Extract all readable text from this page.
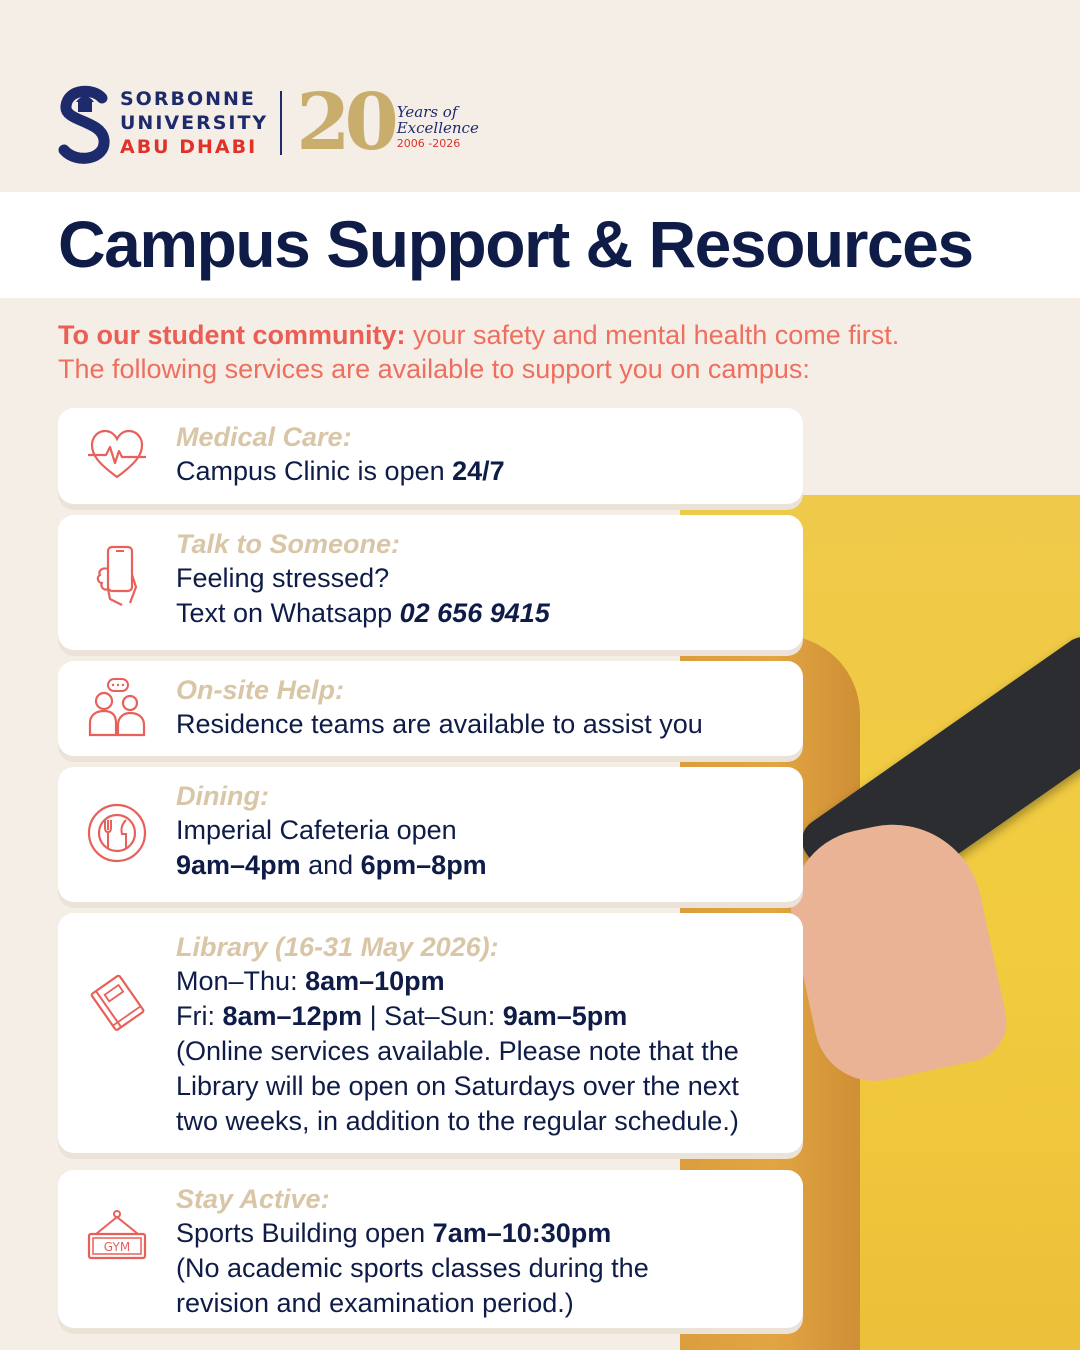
SORBONNE
UNIVERSITY
ABU DHABI 20 Years of
Excellence
2006 -2026
Campus Support & Resources
To our student community: your safety and mental health come first.
The following services are available to support you on campus:
Medical Care:
Campus Clinic is open 24/7
Talk to Someone:
Feeling stressed?
Text on Whatsapp 02 656 9415
On-site Help:
Residence teams are available to assist you
Dining:
Imperial Cafeteria open
9am–4pm and 6pm–8pm
Library (16-31 May 2026):
Mon–Thu: 8am–10pm
Fri: 8am–12pm | Sat–Sun: 9am–5pm
(Online services available. Please note that the
Library will be open on Saturdays over the next
two weeks, in addition to the regular schedule.)
GYM
Stay Active:
Sports Building open 7am–10:30pm
(No academic sports classes during the
revision and examination period.)
